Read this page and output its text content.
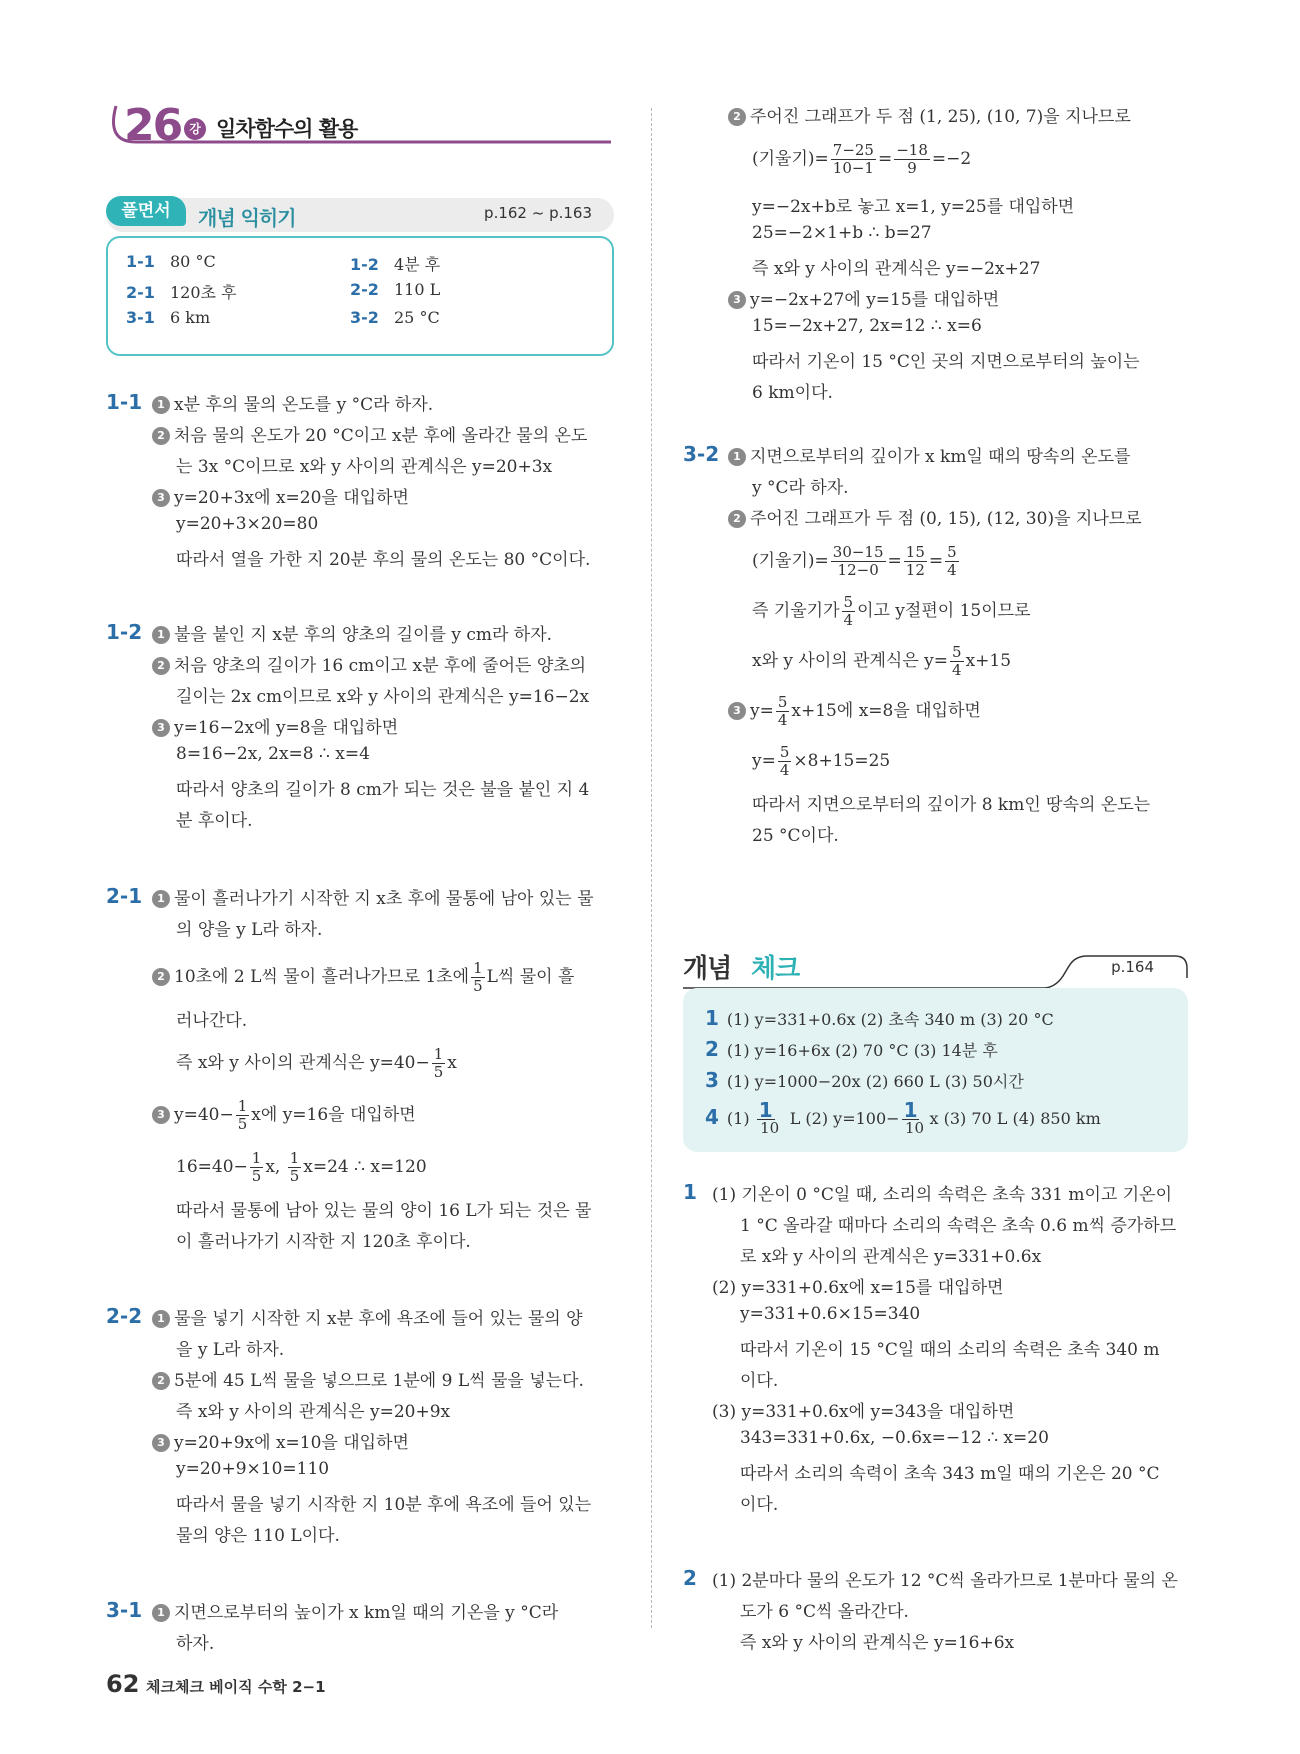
26 강 일차함수의 활용
풀면서	개념 익히기	p.162 ~ p.163
1-1 80 °C	1-2 4분 후
2-1 120초 후	2-2 110 L
3-1 6 km	3-2 25 °C
1-1	1 x분 후의 물의 온도를 y °C라 하자.
2 처음 물의 온도가 20 °C이고 x분 후에 올라간 물의 온도
는 3x °C이므로 x와 y 사이의 관계식은 y=20+3x
3 y=20+3x에 x=20을 대입하면
y=20+3×20=80
따라서 열을 가한 지 20분 후의 물의 온도는 80 °C이다.
1-2	1 불을 붙인 지 x분 후의 양초의 길이를 y cm라 하자.
2 처음 양초의 길이가 16 cm이고 x분 후에 줄어든 양초의
길이는 2x cm이므로 x와 y 사이의 관계식은 y=16−2x
3 y=16−2x에 y=8을 대입하면
8=16−2x, 2x=8 ∴ x=4
따라서 양초의 길이가 8 cm가 되는 것은 불을 붙인 지 4
분 후이다.
2-1	1 물이 흘러나가기 시작한 지 x초 후에 물통에 남아 있는 물
의 양을 y L라 하자.
2 10초에 2 L씩 물이 흘러나가므로 1초에 $\frac{1}{5}$ L씩 물이 흘
러나간다.
즉 x와 y 사이의 관계식은 $y=40- \frac{1}{5}$ x
3 $y=40- \frac{1}{5}$ x에 y=16을 대입하면
$16=40- \frac{1}{5} x$, $\frac{1}{5} x=24$ ∴ x=120
따라서 물통에 남아 있는 물의 양이 16 L가 되는 것은 물
이 흘러나가기 시작한 지 120초 후이다.
2-2	1 물을 넣기 시작한 지 x분 후에 욕조에 들어 있는 물의 양
을 y L라 하자.
2 5분에 45 L씩 물을 넣으므로 1분에 9 L씩 물을 넣는다.
즉 x와 y 사이의 관계식은 y=20+9x
3 y=20+9x에 x=10을 대입하면
y=20+9×10=110
따라서 물을 넣기 시작한 지 10분 후에 욕조에 들어 있는
물의 양은 110 L이다.
3-1	1 지면으로부터의 높이가 x km일 때의 기온을 y °C라
하자.
2 주어진 그래프가 두 점 (1, 25), (10, 7)을 지나므로
(기울기)= $\frac{7-25}{10-1} = \frac{-18}{9} =-2$
y=−2x+b로 놓고 x=1, y=25를 대입하면
25=−2×1+b ∴ b=27
즉 x와 y 사이의 관계식은 y=−2x+27
3 y=−2x+27에 y=15를 대입하면
15=−2x+27, 2x=12 ∴ x=6
따라서 기온이 15 °C인 곳의 지면으로부터의 높이는
6 km이다.
3-2	1 지면으로부터의 깊이가 x km일 때의 땅속의 온도를
y °C라 하자.
2 주어진 그래프가 두 점 (0, 15), (12, 30)을 지나므로
(기울기)= $\frac{30-15}{12-0} = \frac{15}{12} = \frac{5}{4}$
즉 기울기가 $\frac{5}{4}$ 이고 y절편이 15이므로
x와 y 사이의 관계식은 $y= \frac{5}{4} x+15$
3 $y= \frac{5}{4} x+15$에 x=8을 대입하면
$y= \frac{5}{4} \times 8+15=25$
따라서 지면으로부터의 깊이가 8 km인 땅속의 온도는
25 °C이다.
개념 체크	p.164
1 (1) y=331+0.6x (2) 초속 340 m (3) 20 °C
2 (1) y=16+6x (2) 70 °C (3) 14분 후
3 (1) y=1000−20x (2) 660 L (3) 50시간
4 $(1) \frac{1}{10}$ L (2) $y=100- \frac{1}{10}$ x (3) 70 L (4) 850 km
1 (1) 기온이 0 °C일 때, 소리의 속력은 초속 331 m이고 기온이
1 °C 올라갈 때마다 소리의 속력은 초속 0.6 m씩 증가하므
로 x와 y 사이의 관계식은 y=331+0.6x
(2) y=331+0.6x에 x=15를 대입하면
y=331+0.6×15=340
따라서 기온이 15 °C일 때의 소리의 속력은 초속 340 m
이다.
(3) y=331+0.6x에 y=343을 대입하면
343=331+0.6x, −0.6x=−12 ∴ x=20
따라서 소리의 속력이 초속 343 m일 때의 기온은 20 °C
이다.
2 (1) 2분마다 물의 온도가 12 °C씩 올라가므로 1분마다 물의 온
도가 6 °C씩 올라간다.
즉 x와 y 사이의 관계식은 y=16+6x
62 체크체크 베이직 수학 2−1
